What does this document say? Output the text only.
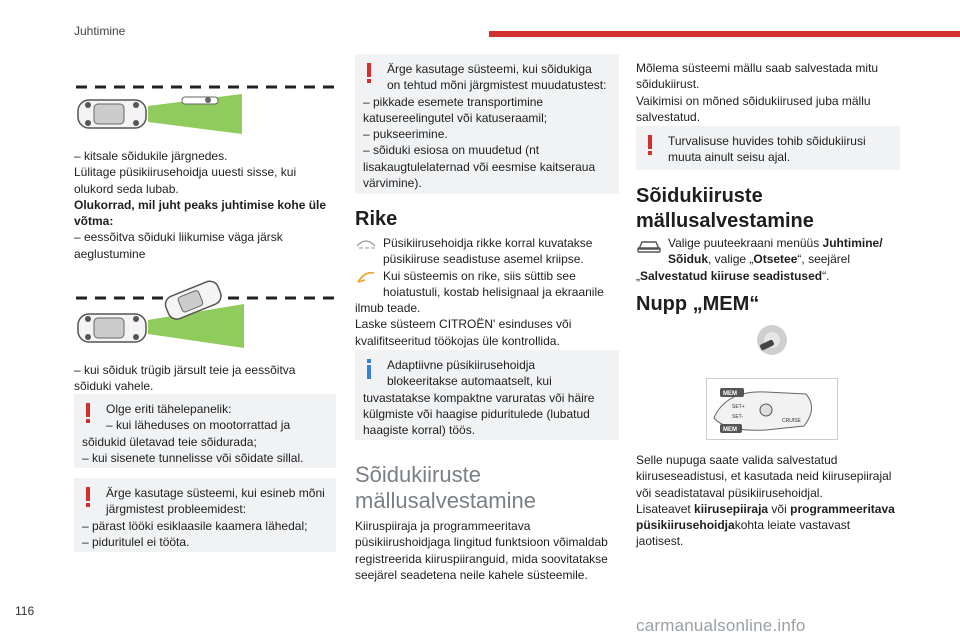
Juhtimine
116
carmanualsonline.info
– kitsale sõidukile järgnedes.
Lülitage püsikiirusehoidja uuesti sisse, kui
olukord seda lubab.
Olukorrad, mil juht peaks juhtimise kohe üle
võtma:
– eessõitva sõiduki liikumise väga järsk
aeglustumine
– kui sõiduk trügib järsult teie ja eessõitva
sõiduki vahele.
Olge eriti tähelepanelik:
– kui läheduses on mootorrattad ja
sõidukid ületavad teie sõidurada;
– kui sisenete tunnelisse või sõidate sillal.
Ärge kasutage süsteemi, kui esineb mõni
järgmistest probleemidest:
– pärast lööki esiklaasile kaamera lähedal;
– piduritulel ei tööta.
Ärge kasutage süsteemi, kui sõidukiga
on tehtud mõni järgmistest muudatustest:
– pikkade esemete transportimine
katusereelingutel või katuseraamil;
– pukseerimine.
– sõiduki esiosa on muudetud (nt
lisakaugtulelaternad või eesmise kaitseraua
värvimine).
Rike
Püsikiirusehoidja rikke korral kuvatakse
püsikiiruse seadistuse asemel kriipse.
Kui süsteemis on rike, siis süttib see
hoiatustuli, kostab helisignaal ja ekraanile
ilmub teade.
Laske süsteem CITROËN' esinduses või
kvalifitseeritud töökojas üle kontrollida.
Adaptiivne püsikiirusehoidja
blokeeritakse automaatselt, kui
tuvastatakse kompaktne varuratas või häire
külgmiste või haagise piduritulede (lubatud
haagiste korral) töös.
Sõidukiiruste
mällusalvestamine
Kiiruspiiraja ja programmeeritava
püsikiirushoidjaga lingitud funktsioon võimaldab
registreerida kiiruspiiranguid, mida soovitatakse
seejärel seadetena neile kahele süsteemile.
Mõlema süsteemi mällu saab salvestada mitu
sõidukiirust.
Vaikimisi on mõned sõidukiirused juba mällu
salvestatud.
Turvalisuse huvides tohib sõidukiirusi
muuta ainult seisu ajal.
Sõidukiiruste
mällusalvestamine
Valige puuteekraani menüüs Juhtimine/
Sõiduk, valige „Otsetee“, seejärel
„Salvestatud kiiruse seadistused“.
Nupp „MEM“
MEM
SET+
SET-
CRUISE
MEM
Selle nupuga saate valida salvestatud
kiiruseseadistusi, et kasutada neid kiirusepiirajal
või seadistataval püsikiirusehoidjal.
Lisateavet kiirusepiiraja või programmeeritava
püsikiirusehoidjakohta leiate vastavast
jaotisest.
